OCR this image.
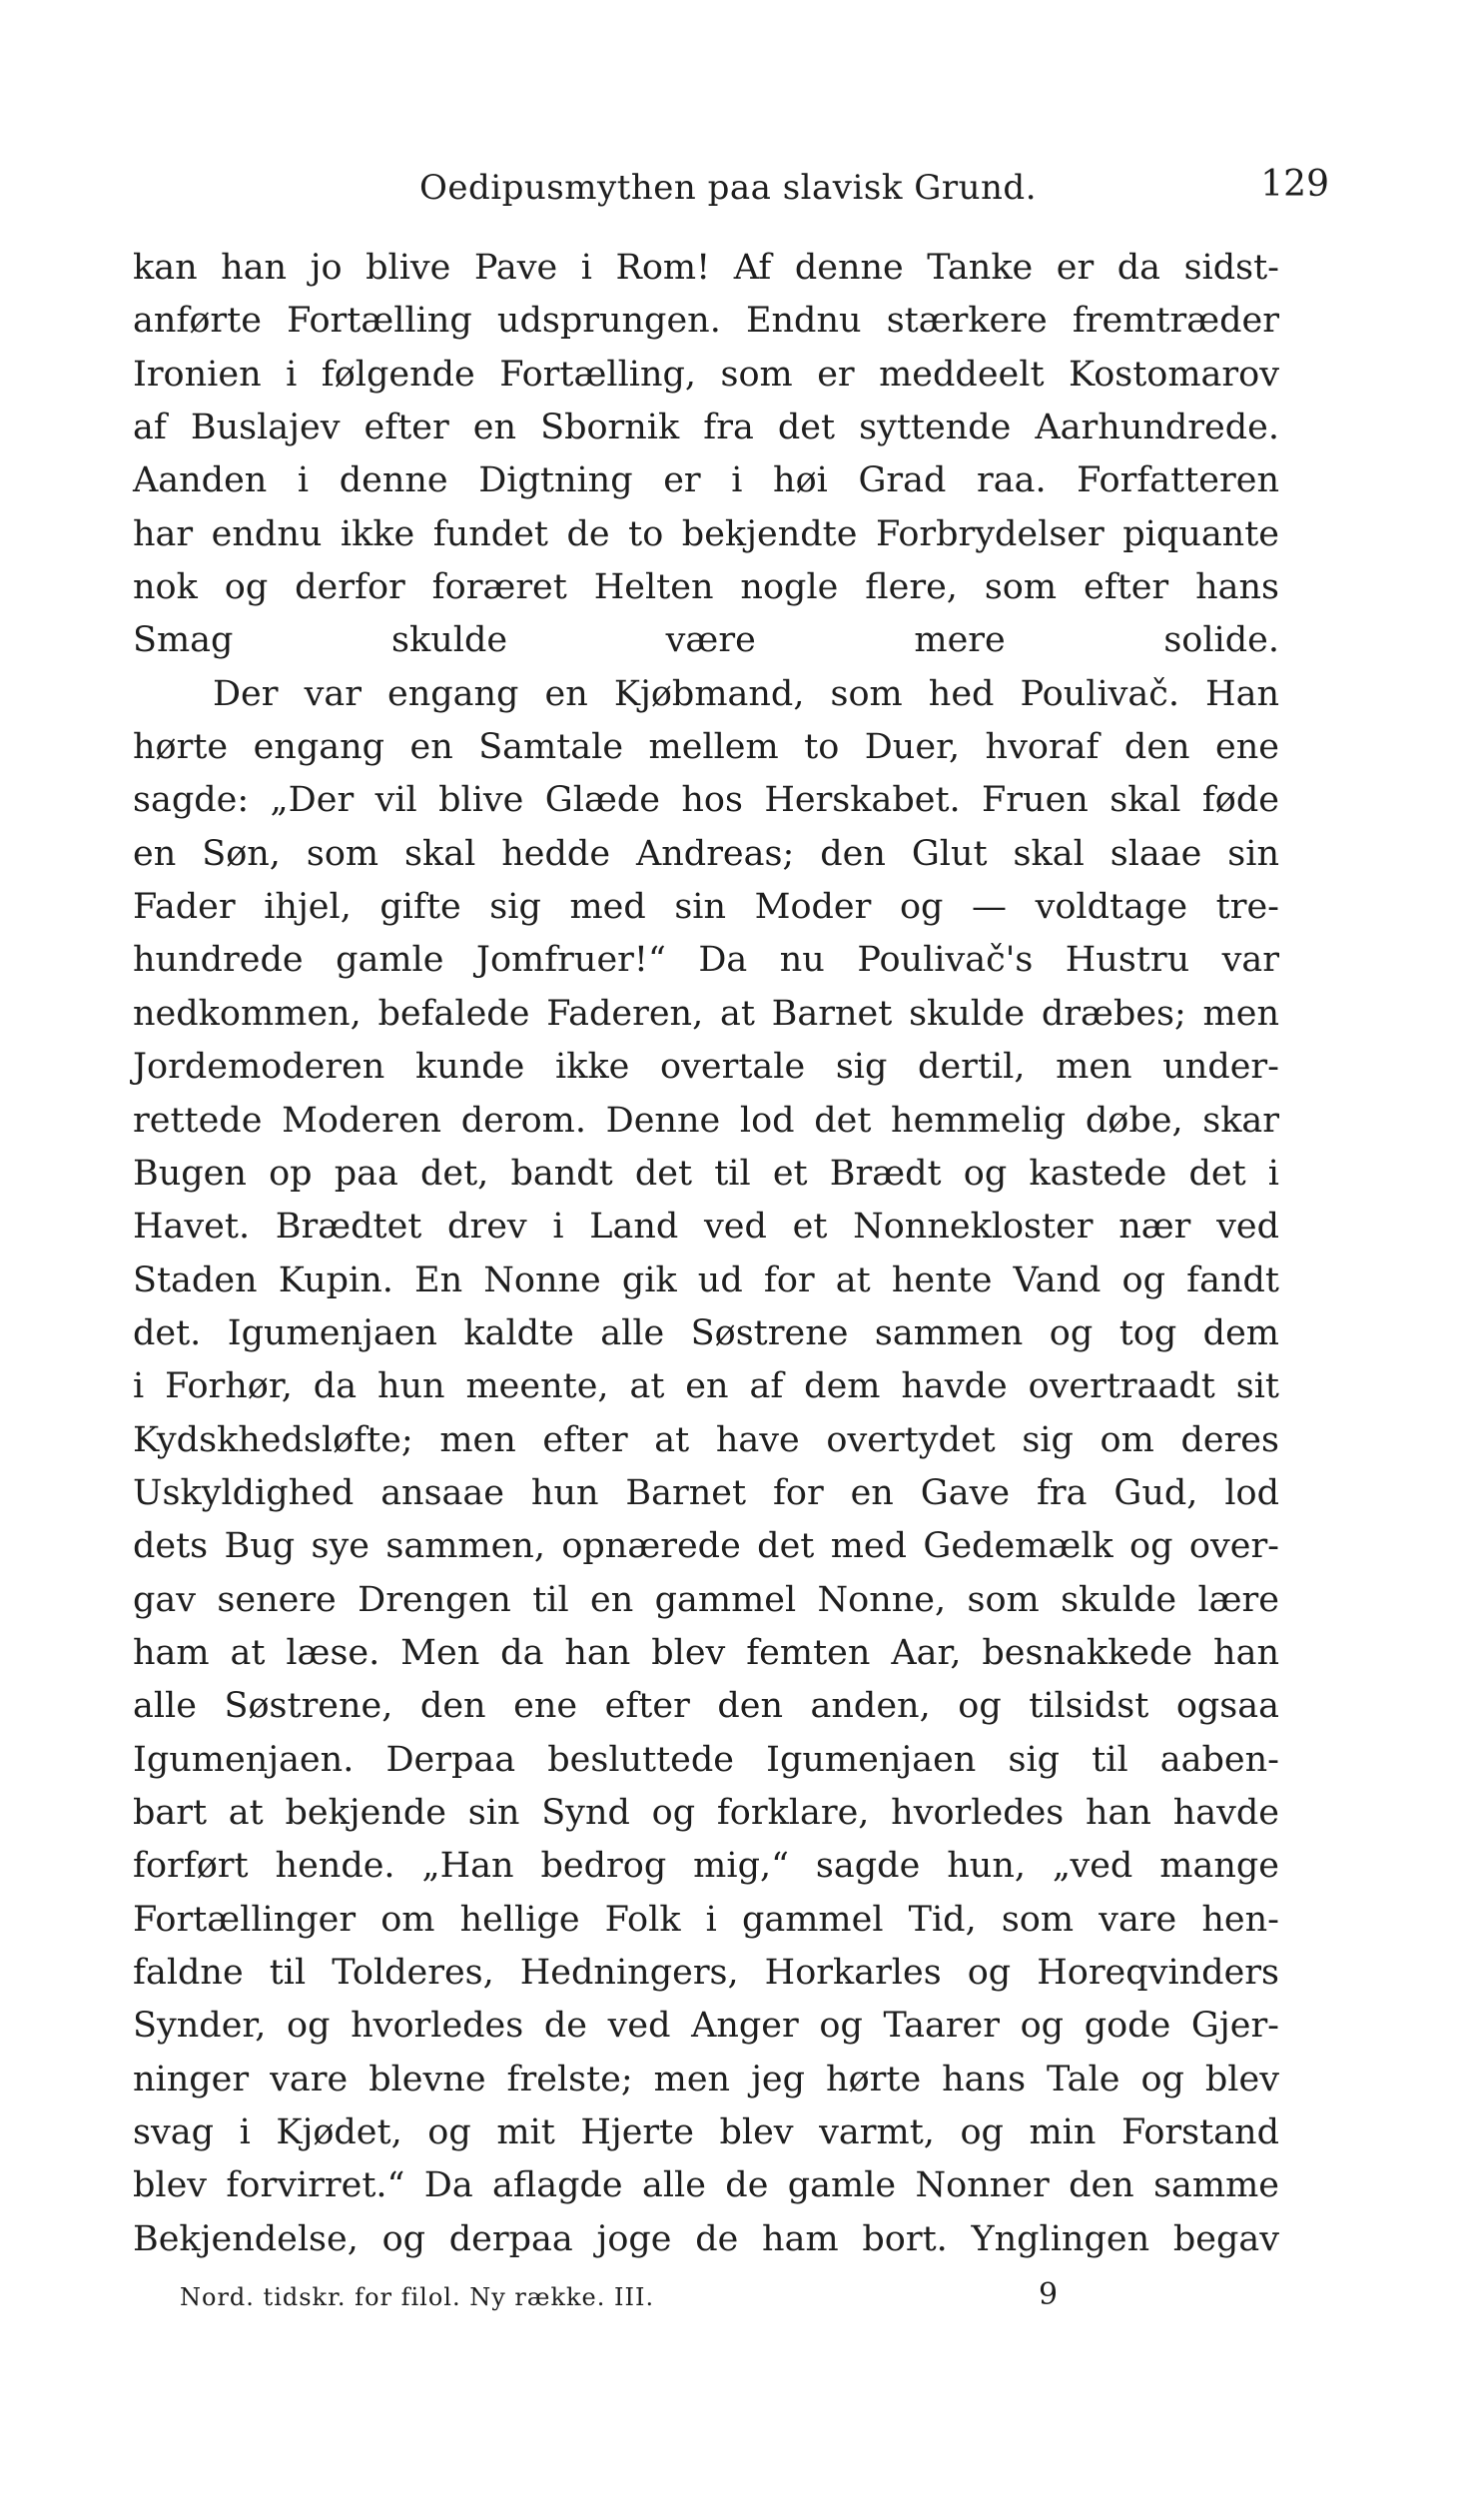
Oedipusmythen paa slavisk Grund.	129
kan han jo blive Pave i Rom! Af denne Tanke er da sidst-
anførte Fortælling udsprungen. Endnu stærkere fremtræder
Ironien i følgende Fortælling, som er meddeelt Kostomarov
af Buslajev efter en Sbornik fra det syttende Aarhundrede.
Aanden i denne Digtning er i høi Grad raa. Forfatteren
har endnu ikke fundet de to bekjendte Forbrydelser piquante
nok og derfor foræret Helten nogle flere, som efter hans
Smag skulde være mere solide.
Der var engang en Kjøbmand, som hed Poulivač. Han
hørte engang en Samtale mellem to Duer, hvoraf den ene
sagde: „Der vil blive Glæde hos Herskabet. Fruen skal føde
en Søn, som skal hedde Andreas; den Glut skal slaae sin
Fader ihjel, gifte sig med sin Moder og — voldtage tre-
hundrede gamle Jomfruer!“ Da nu Poulivač's Hustru var
nedkommen, befalede Faderen, at Barnet skulde dræbes; men
Jordemoderen kunde ikke overtale sig dertil, men under-
rettede Moderen derom. Denne lod det hemmelig døbe, skar
Bugen op paa det, bandt det til et Brædt og kastede det i
Havet. Brædtet drev i Land ved et Nonnekloster nær ved
Staden Kupin. En Nonne gik ud for at hente Vand og fandt
det. Igumenjaen kaldte alle Søstrene sammen og tog dem
i Forhør, da hun meente, at en af dem havde overtraadt sit
Kydskhedsløfte; men efter at have overtydet sig om deres
Uskyldighed ansaae hun Barnet for en Gave fra Gud, lod
dets Bug sye sammen, opnærede det med Gedemælk og over-
gav senere Drengen til en gammel Nonne, som skulde lære
ham at læse. Men da han blev femten Aar, besnakkede han
alle Søstrene, den ene efter den anden, og tilsidst ogsaa
Igumenjaen. Derpaa besluttede Igumenjaen sig til aaben-
bart at bekjende sin Synd og forklare, hvorledes han havde
forført hende. „Han bedrog mig,“ sagde hun, „ved mange
Fortællinger om hellige Folk i gammel Tid, som vare hen-
faldne til Tolderes, Hedningers, Horkarles og Horeqvinders
Synder, og hvorledes de ved Anger og Taarer og gode Gjer-
ninger vare blevne frelste; men jeg hørte hans Tale og blev
svag i Kjødet, og mit Hjerte blev varmt, og min Forstand
blev forvirret.“ Da aflagde alle de gamle Nonner den samme
Bekjendelse, og derpaa joge de ham bort. Ynglingen begav
Nord. tidskr. for filol. Ny række. III.	9
